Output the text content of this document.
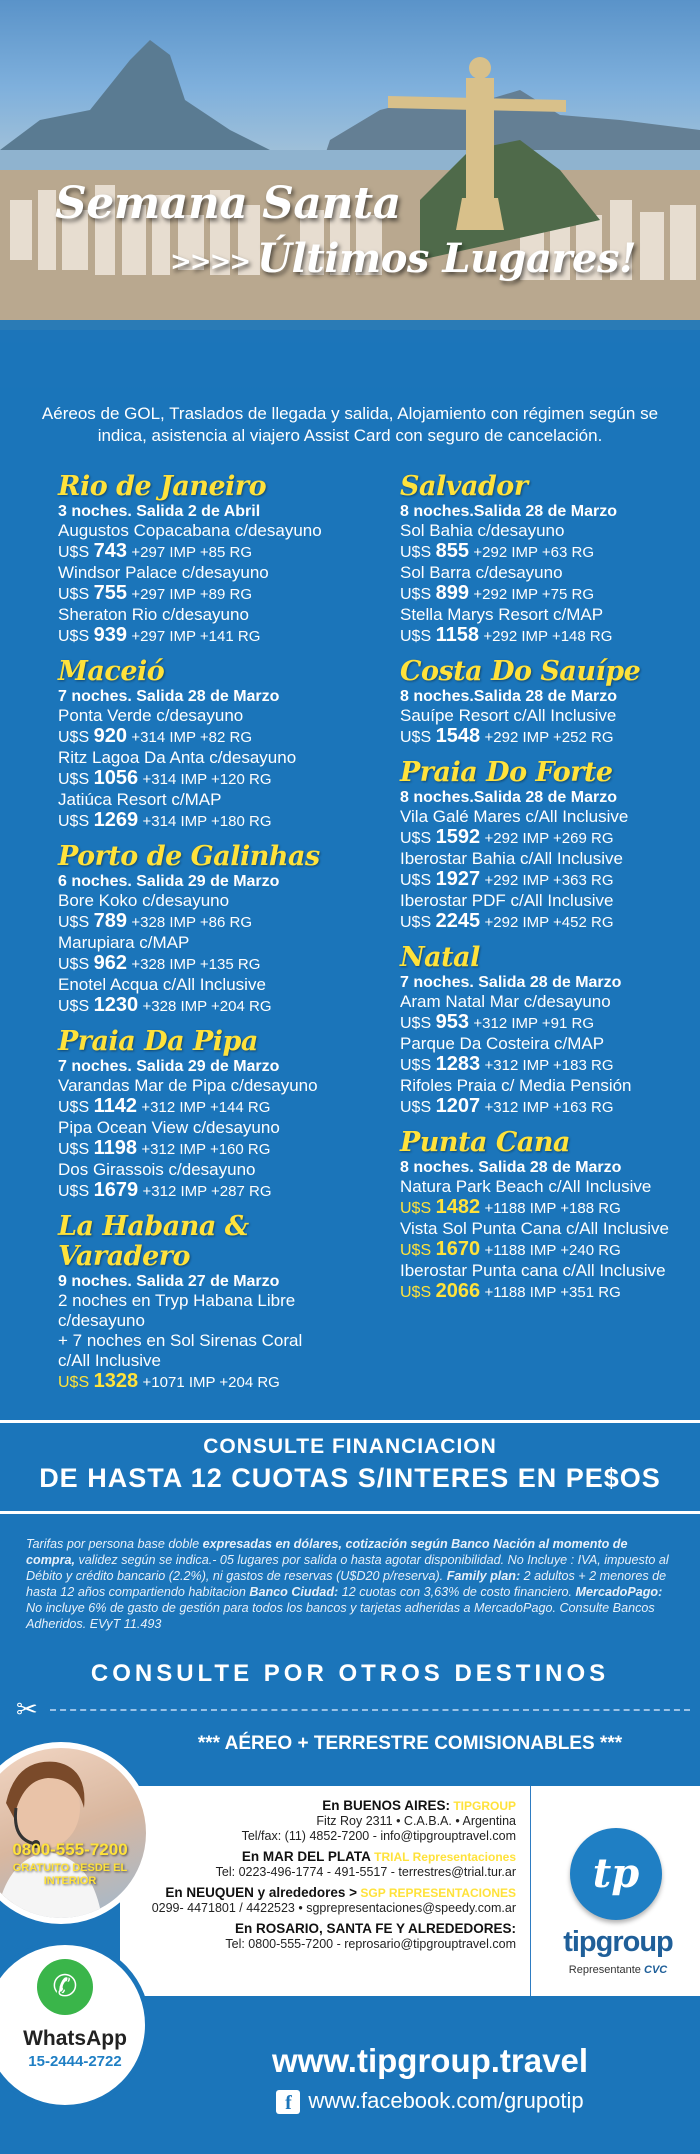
Semana Santa
>>>> Últimos Lugares!
Aéreos de GOL, Traslados de llegada y salida, Alojamiento con régimen según se indica, asistencia al viajero Assist Card con seguro de cancelación.
Rio de Janeiro
3 noches. Salida 2 de Abril
Augustos Copacabana c/desayuno
U$S 743 +297 IMP +85 RG
Windsor Palace c/desayuno
U$S 755 +297 IMP +89 RG
Sheraton Rio c/desayuno
U$S 939 +297 IMP +141 RG
Maceió
7 noches. Salida 28 de Marzo
Ponta Verde c/desayuno
U$S 920 +314 IMP +82 RG
Ritz Lagoa Da Anta c/desayuno
U$S 1056 +314 IMP +120 RG
Jatiúca Resort c/MAP
U$S 1269 +314 IMP +180 RG
Porto de Galinhas
6 noches. Salida 29 de Marzo
Bore Koko c/desayuno
U$S 789 +328 IMP +86 RG
Marupiara c/MAP
U$S 962 +328 IMP +135 RG
Enotel Acqua c/All Inclusive
U$S 1230 +328 IMP +204 RG
Praia Da Pipa
7 noches. Salida 29 de Marzo
Varandas Mar de Pipa c/desayuno
U$S 1142 +312 IMP +144 RG
Pipa Ocean View c/desayuno
U$S 1198 +312 IMP +160 RG
Dos Girassois c/desayuno
U$S 1679 +312 IMP +287 RG
La Habana & Varadero
9 noches. Salida 27 de Marzo
2 noches en Tryp Habana Libre c/desayuno
+ 7 noches en Sol Sirenas Coral
c/All Inclusive
U$S 1328 +1071 IMP +204 RG
Salvador
8 noches.Salida 28 de Marzo
Sol Bahia c/desayuno
U$S 855 +292 IMP +63 RG
Sol Barra c/desayuno
U$S 899 +292 IMP +75 RG
Stella Marys Resort c/MAP
U$S 1158 +292 IMP +148 RG
Costa Do Sauípe
8 noches.Salida 28 de Marzo
Sauípe Resort c/All Inclusive
U$S 1548 +292 IMP +252 RG
Praia Do Forte
8 noches.Salida 28 de Marzo
Vila Galé Mares c/All Inclusive
U$S 1592 +292 IMP +269 RG
Iberostar Bahia c/All Inclusive
U$S 1927 +292 IMP +363 RG
Iberostar PDF c/All Inclusive
U$S 2245 +292 IMP +452 RG
Natal
7 noches. Salida 28 de Marzo
Aram Natal Mar c/desayuno
U$S 953 +312 IMP +91 RG
Parque Da Costeira c/MAP
U$S 1283 +312 IMP +183 RG
Rifoles Praia c/ Media Pensión
U$S 1207 +312 IMP +163 RG
Punta Cana
8 noches. Salida 28 de Marzo
Natura Park Beach c/All Inclusive
U$S 1482 +1188 IMP +188 RG
Vista Sol Punta Cana c/All Inclusive
U$S 1670 +1188 IMP +240 RG
Iberostar Punta cana c/All Inclusive
U$S 2066 +1188 IMP +351 RG
CONSULTE FINANCIACION
DE HASTA 12 CUOTAS S/INTERES EN PE$OS
Tarifas por persona base doble expresadas en dólares, cotización según Banco Nación al momento de compra, validez según se indica.- 05 lugares por salida o hasta agotar disponibilidad. No Incluye : IVA, impuesto al Débito y crédito bancario (2.2%), ni gastos de reservas (U$D20 p/reserva). Family plan: 2 adultos + 2 menores de hasta 12 años compartiendo habitacion Banco Ciudad: 12 cuotas con 3,63% de costo financiero. MercadoPago: No incluye 6% de gasto de gestión para todos los bancos y tarjetas adheridas a MercadoPago. Consulte Bancos Adheridos. EVyT 11.493
CONSULTE POR OTROS DESTINOS
✂
*** AÉREO + TERRESTRE COMISIONABLES ***
En BUENOS AIRES: TIPGROUP
Fitz Roy 2311 • C.A.B.A. • Argentina
Tel/fax: (11) 4852-7200 - info@tipgrouptravel.com
En MAR DEL PLATA TRIAL Representaciones
Tel: 0223-496-1774 - 491-5517 - terrestres@trial.tur.ar
En NEUQUEN y alrededores > SGP REPRESENTACIONES
0299- 4471801 / 4422523 • sgprepresentaciones@speedy.com.ar
En ROSARIO, SANTA FE Y ALREDEDORES:
Tel: 0800-555-7200 - reprosario@tipgrouptravel.com
tp
tipgroup
Representante CVC
0800-555-7200
GRATUITO DESDE EL INTERIOR
✆
WhatsApp
15-2444-2722	www.tipgroup.travel
f www.facebook.com/grupotip
